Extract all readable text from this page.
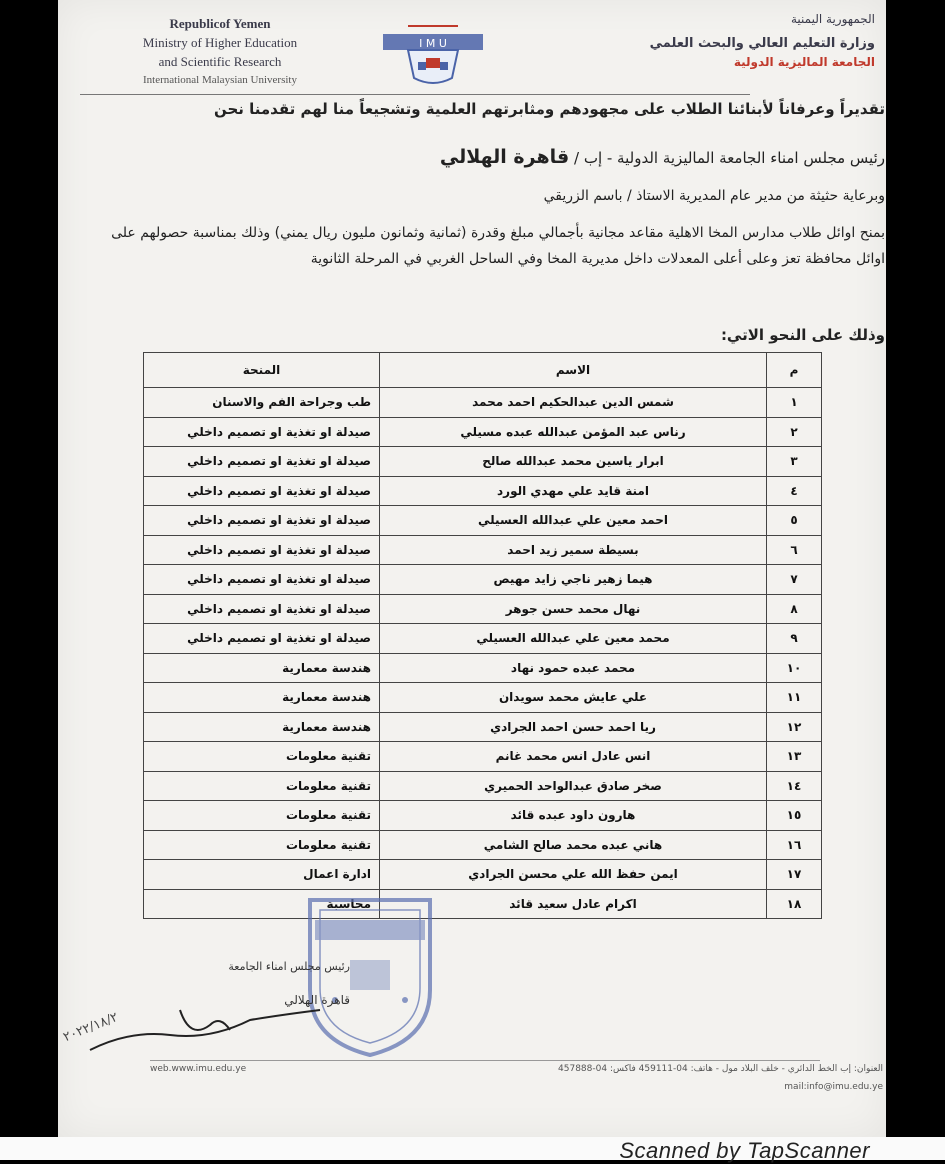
Republicof Yemen
Ministry of Higher Education
and Scientific Research
International Malaysian University
I M U
الجمهورية اليمنية
وزارة التعليم العالي والبحث العلمي
الجامعة الماليزية الدولية
تقديراً وعرفاناً لأبنائنا الطلاب على مجهودهم ومثابرتهم العلمية وتشجيعاً منا لهم تقدمنا نحن
رئيس مجلس امناء الجامعة الماليزية الدولية - إب / قاهرة الهلالي
وبرعاية حثيثة من مدير عام المديرية الاستاذ / باسم الزريقي
بمنح اوائل طلاب مدارس المخا الاهلية مقاعد مجانية بأجمالي مبلغ وقدرة (ثمانية وثمانون مليون ريال يمني) وذلك بمناسبة حصولهم على اوائل محافظة تعز وعلى أعلى المعدلات داخل مديرية المخا وفي الساحل الغربي في المرحلة الثانوية
وذلك على النحو الاتي:
م	الاسم	المنحة
١	شمس الدين عبدالحكيم احمد محمد	طب وجراحة الفم والاسنان
٢	رناس عبد المؤمن عبدالله عبده مسيلي	صيدلة او تغذية او تصميم داخلي
٣	ابرار ياسين محمد عبدالله صالح	صيدلة او تغذية او تصميم داخلي
٤	امنة قايد علي مهدي الورد	صيدلة او تغذية او تصميم داخلي
٥	احمد معين علي عبدالله العسيلي	صيدلة او تغذية او تصميم داخلي
٦	بسيطة سمير زيد احمد	صيدلة او تغذية او تصميم داخلي
٧	هيما زهير ناجي زايد مهيص	صيدلة او تغذية او تصميم داخلي
٨	نهال محمد حسن جوهر	صيدلة او تغذية او تصميم داخلي
٩	محمد معين علي عبدالله العسيلي	صيدلة او تغذية او تصميم داخلي
١٠	محمد عبده حمود نهاد	هندسة معمارية
١١	علي عايش محمد سويدان	هندسة معمارية
١٢	ريا احمد حسن احمد الجرادي	هندسة معمارية
١٣	انس عادل انس محمد غانم	تقنية معلومات
١٤	صخر صادق عبدالواحد الحميري	تقنية معلومات
١٥	هارون داود عبده قائد	تقنية معلومات
١٦	هاني عبده محمد صالح الشامي	تقنية معلومات
١٧	ايمن حفظ الله علي محسن الجرادي	ادارة اعمال
١٨	اكرام عادل سعيد قائد	محاسبة
رئيس مجلس امناء الجامعة
قاهرة الهلالي
٢٠٢٢/١٨/٢
web.www.imu.edu.ye	العنوان: إب الخط الدائري - خلف البلاد مول - هاتف: 04-459111 فاكس: 04-457888
mail:info@imu.edu.ye
Scanned by TapScanner
